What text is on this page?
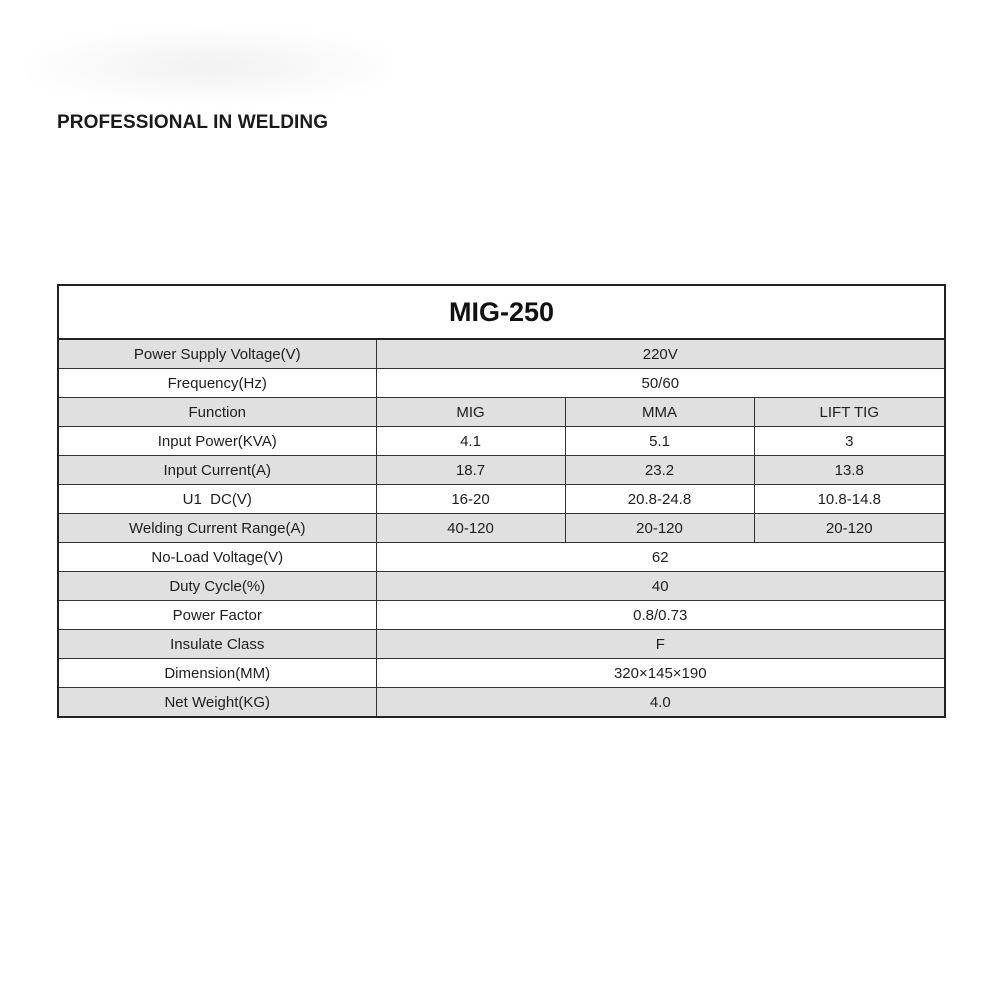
PROFESSIONAL IN WELDING
MIG-250			
Power Supply Voltage(V)	220V		
Frequency(Hz)	50/60		
Function	MIG	MMA	LIFT TIG
Input Power(KVA)	4.1	5.1	3
Input Current(A)	18.7	23.2	13.8
U1  DC(V)	16-20	20.8-24.8	10.8-14.8
Welding Current Range(A)	40-120	20-120	20-120
No-Load Voltage(V)	62		
Duty Cycle(%)	40		
Power Factor	0.8/0.73		
Insulate Class	F		
Dimension(MM)	320×145×190		
Net Weight(KG)	4.0		
